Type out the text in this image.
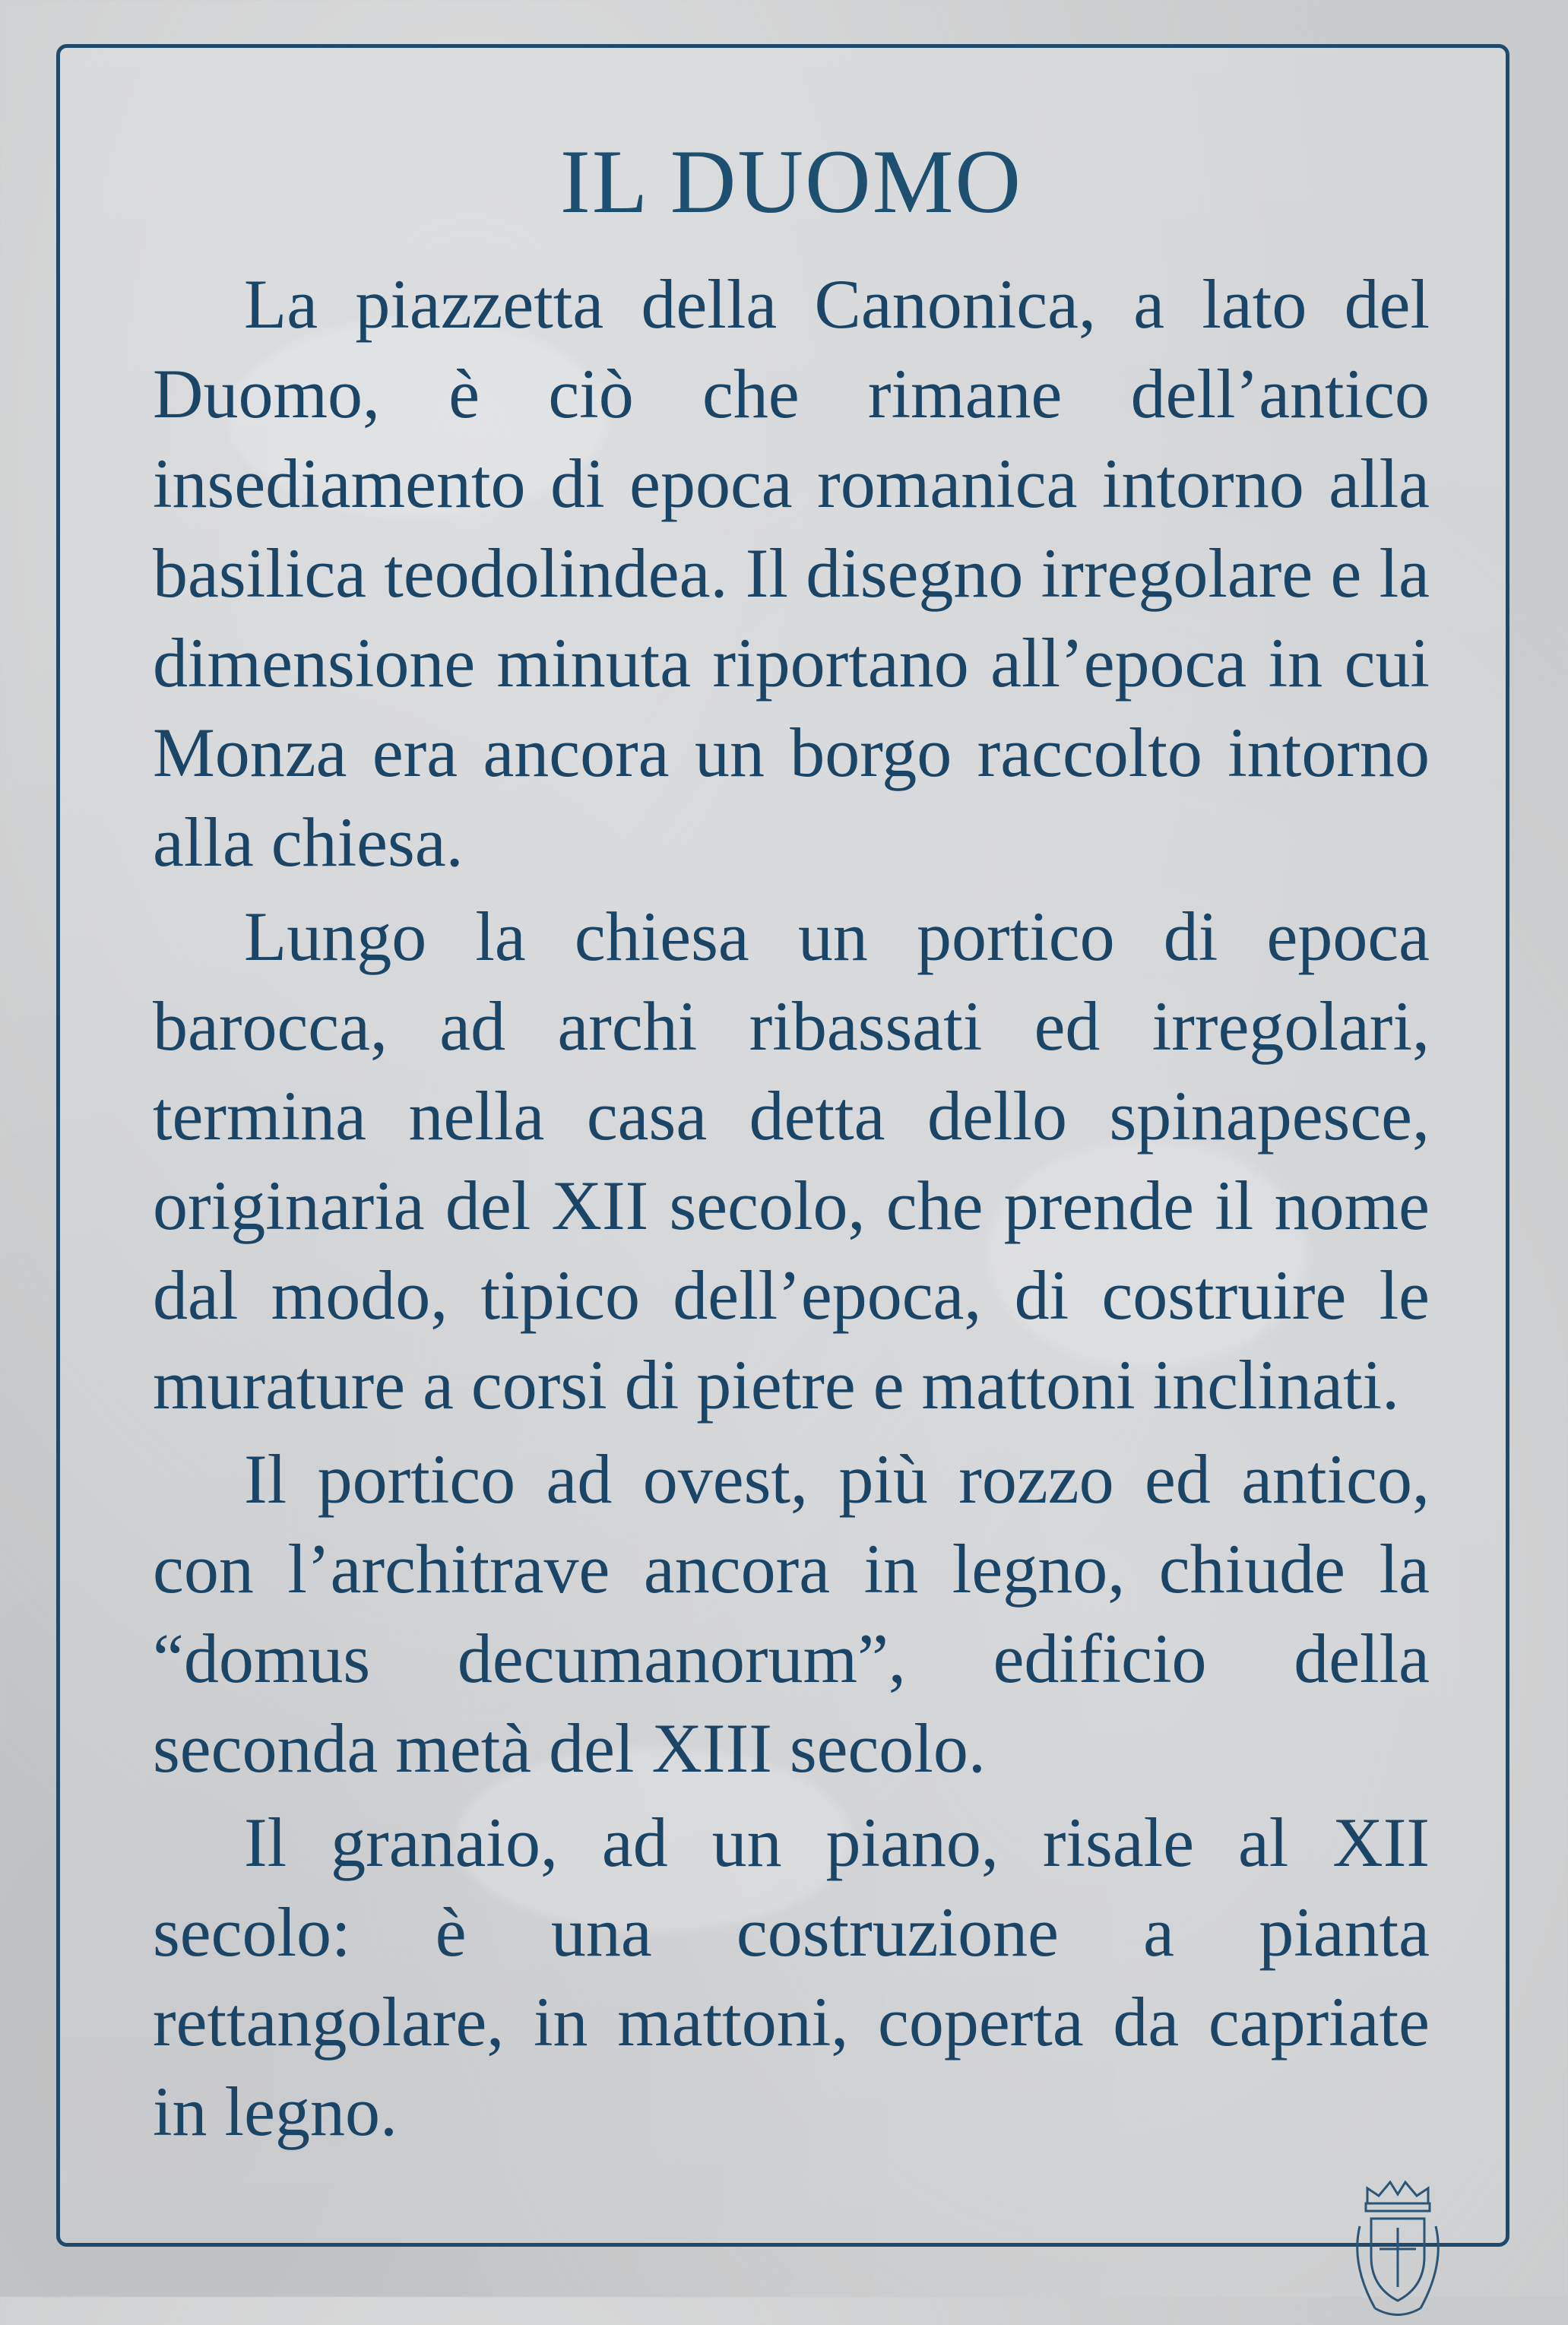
IL DUOMO

La piazzetta della Canonica, a lato del Duomo, è ciò che rimane dell’antico insediamento di epoca romanica intorno alla basilica teodolindea. Il disegno irregolare e la dimensione minuta riportano all’epoca in cui Monza era ancora un borgo raccolto intorno alla chiesa.

Lungo la chiesa un portico di epoca barocca, ad archi ribassati ed irregolari, termina nella casa detta dello spinapesce, originaria del XII secolo, che prende il nome dal modo, tipico dell’epoca, di costruire le murature a corsi di pietre e mattoni inclinati.

Il portico ad ovest, più rozzo ed antico, con l’architrave ancora in legno, chiude la “domus decumanorum”, edificio della seconda metà del XIII secolo.

Il granaio, ad un piano, risale al XII secolo: è una costruzione a pianta rettangolare, in mattoni, coperta da capriate in legno.
